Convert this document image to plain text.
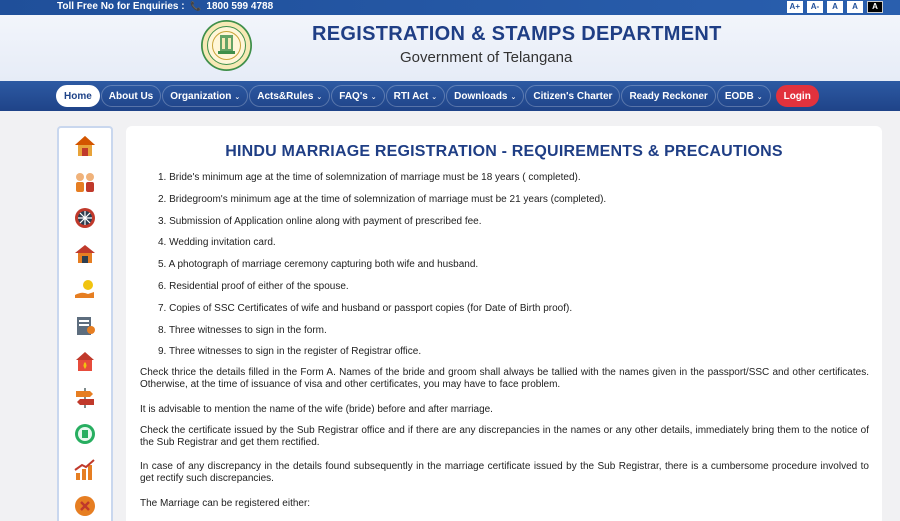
Toll Free No for Enquiries : 📞 1800 599 4788	A+	A-	A	A	A
REGISTRATION & STAMPS DEPARTMENT
Government of Telangana
Home	About Us	Organization ⌄	Acts&Rules ⌄	FAQ's ⌄	RTI Act ⌄	Downloads ⌄	Citizen's Charter	Ready Reckoner	EODB ⌄	Login
HINDU MARRIAGE REGISTRATION - REQUIREMENTS & PRECAUTIONS
1. Bride's minimum age at the time of solemnization of marriage must be 18 years ( completed).
2. Bridegroom's minimum age at the time of solemnization of marriage must be 21 years (completed).
3. Submission of Application online along with payment of prescribed fee.
4. Wedding invitation card.
5. A photograph of marriage ceremony capturing both wife and husband.
6. Residential proof of either of the spouse.
7. Copies of SSC Certificates of wife and husband or passport copies (for Date of Birth proof).
8. Three witnesses to sign in the form.
9. Three witnesses to sign in the register of Registrar office.

Check thrice the details filled in the Form A. Names of the bride and groom shall always be tallied with the names given in the passport/SSC and other certificates. Otherwise, at the time of issuance of visa and other certificates, you may have to face problem.

It is advisable to mention the name of the wife (bride) before and after marriage.

Check the certificate issued by the Sub Registrar office and if there are any discrepancies in the names or any other details, immediately bring them to the notice of the Sub Registrar and get them rectified.

In case of any discrepancy in the details found subsequently in the marriage certificate issued by the Sub Registrar, there is a cumbersome procedure involved to get rectify such discrepancies.

The Marriage can be registered either:
